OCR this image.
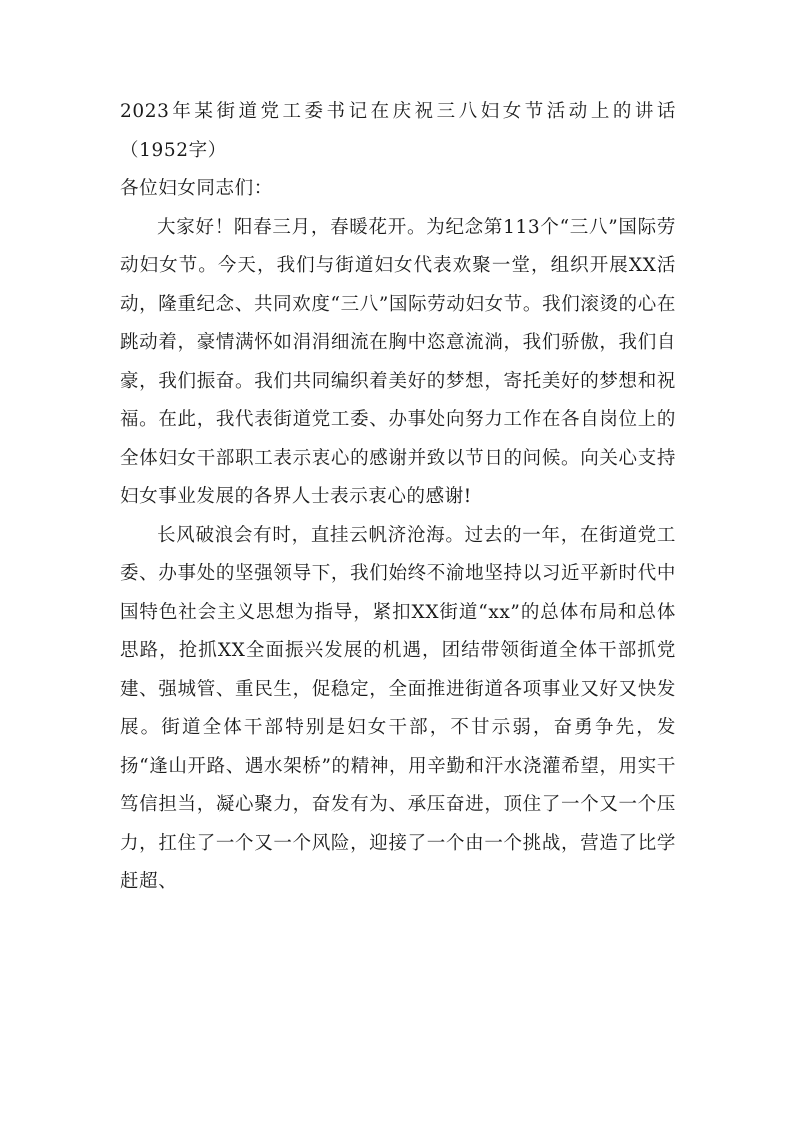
2023年某街道党工委书记在庆祝三八妇女节活动上的讲话（1952字）

各位妇女同志们：

大家好！阳春三月，春暖花开。为纪念第113个“三八”国际劳动妇女节。今天，我们与街道妇女代表欢聚一堂，组织开展XX活动，隆重纪念、共同欢度“三八”国际劳动妇女节。我们滚烫的心在跳动着，豪情满怀如涓涓细流在胸中恣意流淌，我们骄傲，我们自豪，我们振奋。我们共同编织着美好的梦想，寄托美好的梦想和祝福。在此，我代表街道党工委、办事处向努力工作在各自岗位上的全体妇女干部职工表示衷心的感谢并致以节日的问候。向关心支持妇女事业发展的各界人士表示衷心的感谢!

长风破浪会有时，直挂云帆济沧海。过去的一年，在街道党工委、办事处的坚强领导下，我们始终不渝地坚持以习近平新时代中国特色社会主义思想为指导，紧扣XX街道“xx”的总体布局和总体思路，抢抓XX全面振兴发展的机遇，团结带领街道全体干部抓党建、强城管、重民生，促稳定，全面推进街道各项事业又好又快发展。街道全体干部特别是妇女干部，不甘示弱，奋勇争先，发扬“逢山开路、遇水架桥”的精神，用辛勤和汗水浇灌希望，用实干笃信担当，凝心聚力，奋发有为、承压奋进，顶住了一个又一个压力，扛住了一个又一个风险，迎接了一个由一个挑战，营造了比学赶超、
